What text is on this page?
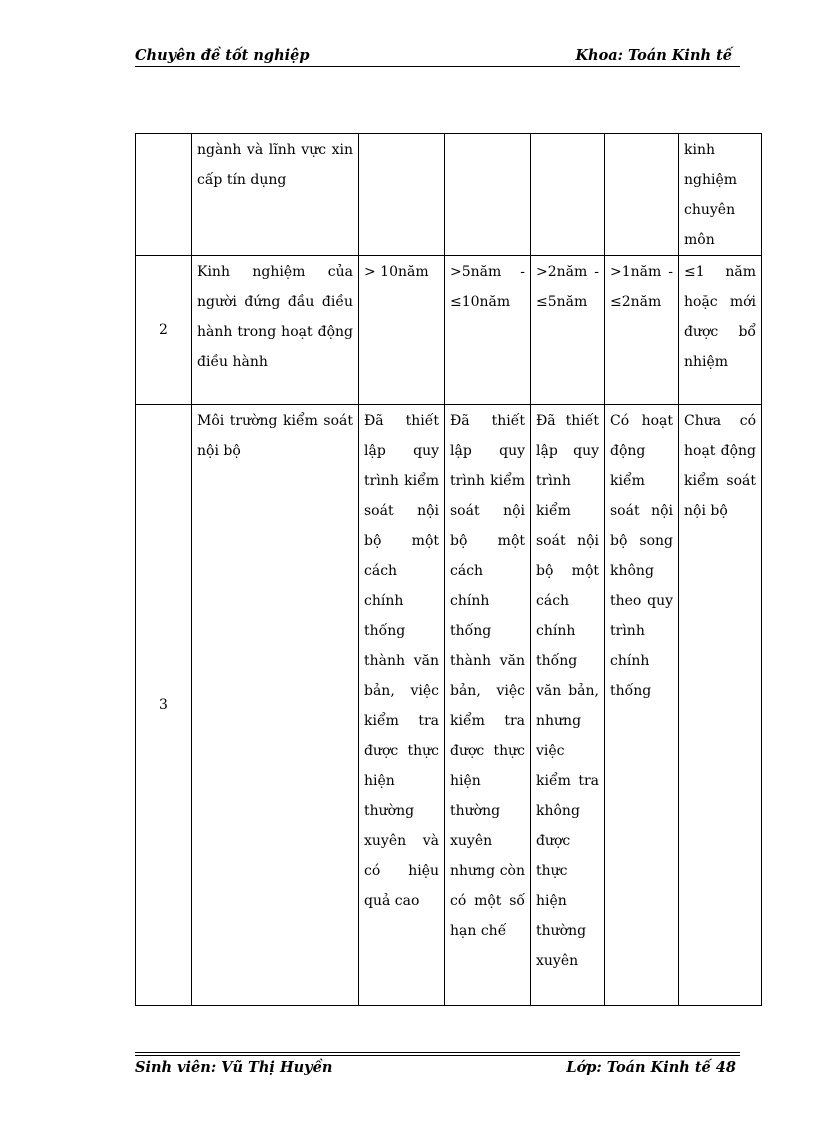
Chuyên đề tốt nghiệp	Khoa: Toán Kinh tế
	ngành và lĩnh vực xin cấp tín dụng					kinh nghiệm chuyên môn
2	Kinh nghiệm của người đứng đầu điều hành trong hoạt động điều hành	> 10năm	>5năm - ≤10năm	>2năm - ≤5năm	>1năm - ≤2năm	≤1 năm hoặc mới được bổ nhiệm
3	Môi trường kiểm soát nội bộ	Đã thiết lập quy trình kiểm soát nội bộ một cách chính thống thành văn bản, việc kiểm tra được thực hiện thường xuyên và có hiệu quả cao	Đã thiết lập quy trình kiểm soát nội bộ một cách chính thống thành văn bản, việc kiểm tra được thực hiện thường xuyên nhưng còn có một số hạn chế	Đã thiết lập quy trình kiểm soát nội bộ một cách chính thống văn bản, nhưng việc kiểm tra không được thực hiện thường xuyên	Có hoạt động kiểm soát nội bộ song không theo quy trình chính thống	Chưa có hoạt động kiểm soát nội bộ
Sinh viên: Vũ Thị Huyền	Lớp: Toán Kinh tế 48
